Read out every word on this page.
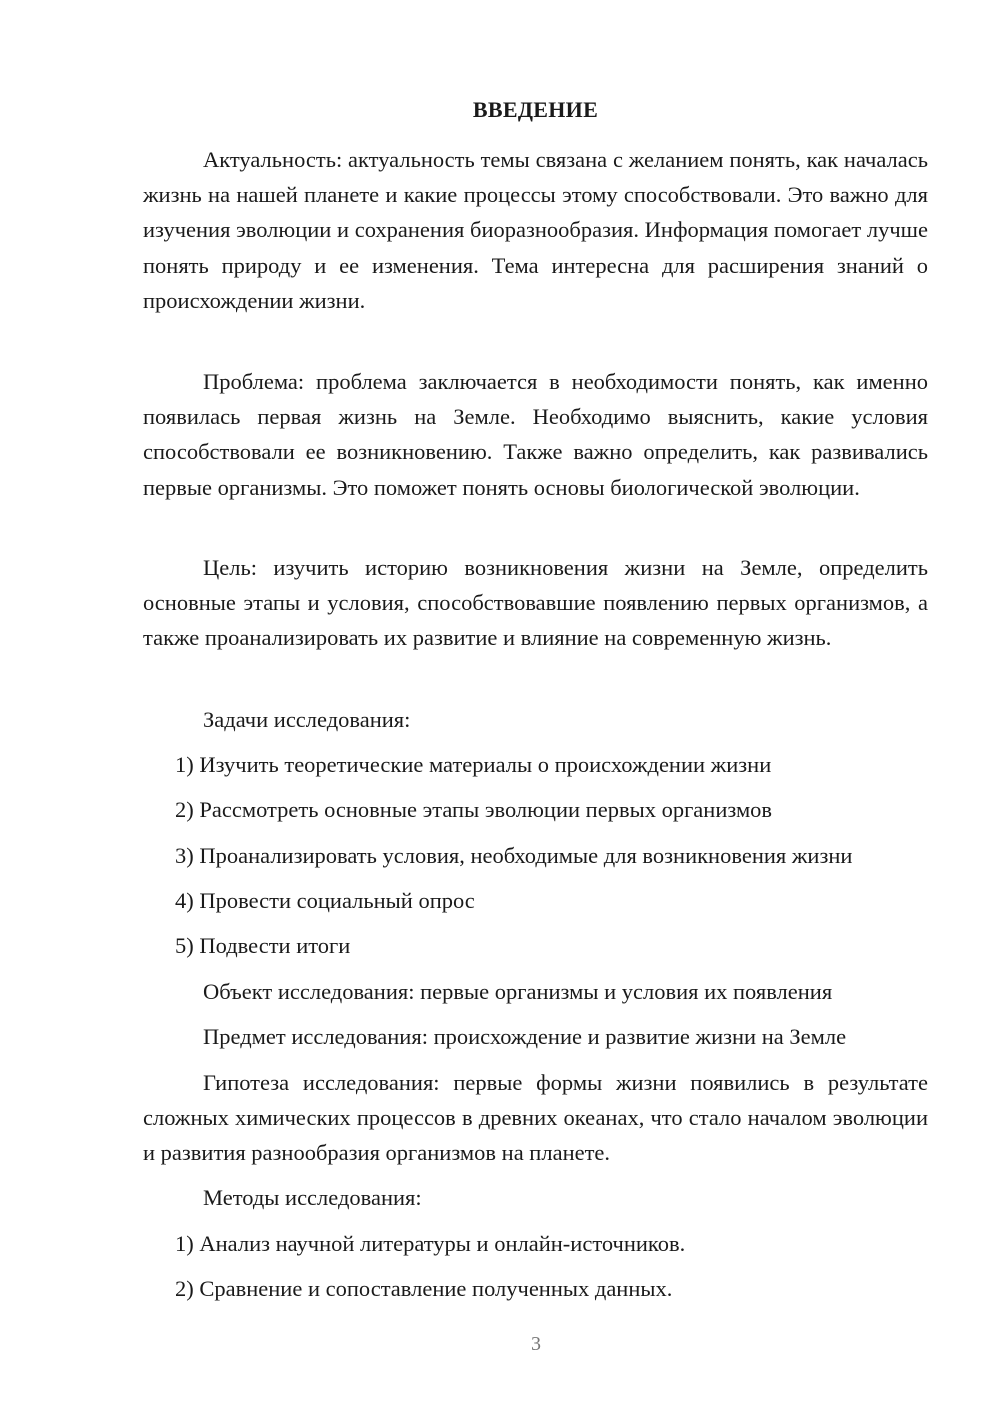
ВВЕДЕНИЕ

Актуальность: актуальность темы связана с желанием понять, как началась жизнь на нашей планете и какие процессы этому способствовали. Это важно для изучения эволюции и сохранения биоразнообразия. Информация помогает лучше понять природу и ее изменения. Тема интересна для расширения знаний о происхождении жизни.

Проблема: проблема заключается в необходимости понять, как именно появилась первая жизнь на Земле. Необходимо выяснить, какие условия способствовали ее возникновению. Также важно определить, как развивались первые организмы. Это поможет понять основы биологической эволюции.

Цель: изучить историю возникновения жизни на Земле, определить основные этапы и условия, способствовавшие появлению первых организмов, а также проанализировать их развитие и влияние на современную жизнь.

Задачи исследования:
1) Изучить теоретические материалы о происхождении жизни
2) Рассмотреть основные этапы эволюции первых организмов
3) Проанализировать условия, необходимые для возникновения жизни
4) Провести социальный опрос
5) Подвести итоги
Объект исследования: первые организмы и условия их появления
Предмет исследования: происхождение и развитие жизни на Земле

Гипотеза исследования: первые формы жизни появились в результате сложных химических процессов в древних океанах, что стало началом эволюции и развития разнообразия организмов на планете.

Методы исследования:
1) Анализ научной литературы и онлайн-источников.
2) Сравнение и сопоставление полученных данных.
3
